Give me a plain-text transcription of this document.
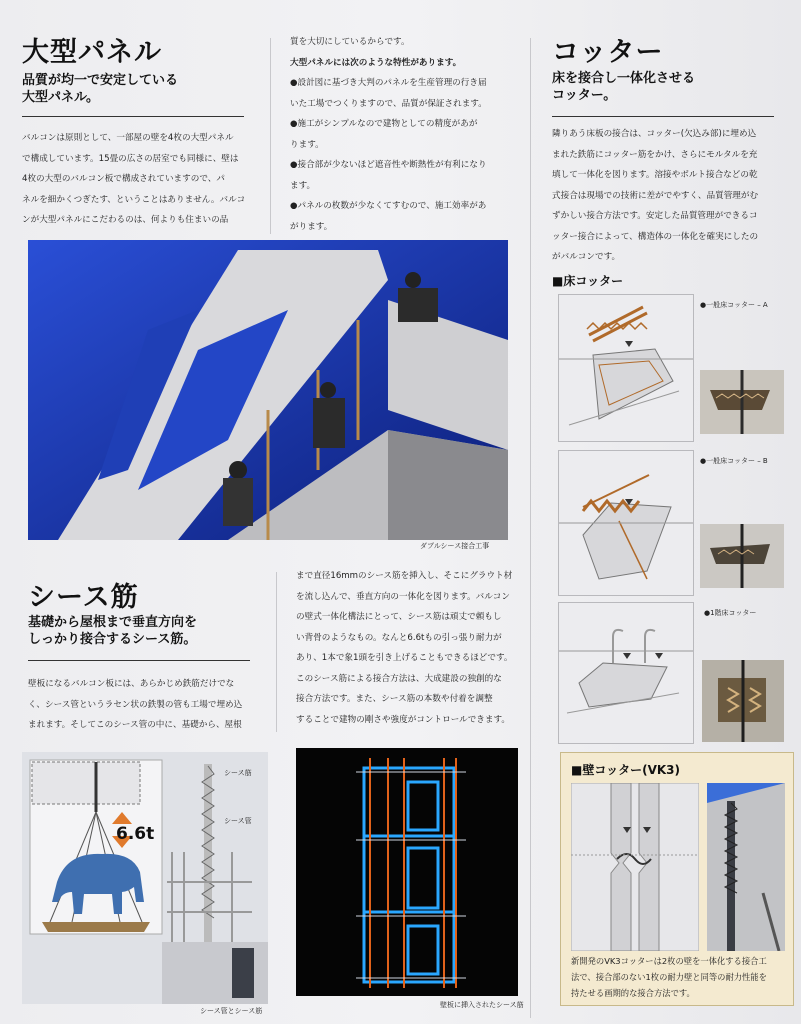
大型パネル
品質が均一で安定している
大型パネル。

バルコンは原則として、一部屋の壁を4枚の大型パネル

で構成しています。15畳の広さの居室でも同様に、壁は

4枚の大型のバルコン板で構成されていますので、パ

ネルを細かくつぎたす、ということはありません。バルコ

ンが大型パネルにこだわるのは、何よりも住まいの品

質を大切にしているからです。

大型パネルには次のような特性があります。

●設計図に基づき大判のパネルを生産管理の行き届

いた工場でつくりますので、品質が保証されます。

●施工がシンプルなので建物としての精度があが

ります。

●接合部が少ないほど遮音性や断熱性が有利になり

ます。

●パネルの枚数が少なくてすむので、施工効率があ

がります。

ダブルシース接合工事
シース筋
基礎から屋根まで垂直方向を
しっかり接合するシース筋。

壁板になるバルコン板には、あらかじめ鉄筋だけでな

く、シース管というラセン状の鉄製の管も工場で埋め込

まれます。そしてこのシース管の中に、基礎から、屋根

まで直径16mmのシース筋を挿入し、そこにグラウト材

を流し込んで、垂直方向の一体化を図ります。バルコン

の壁式一体化構法にとって、シース筋は頑丈で頼もし

い背骨のようなもの。なんと6.6tもの引っ張り耐力が

あり、1本で象1頭を引き上げることもできるほどです。

このシース筋による接合方法は、大成建設の独創的な

接合方法です。また、シース筋の本数や付着を調整

することで建物の剛さや強度がコントロールできます。

6.6t
シース筋
シース管
シース管とシース筋
壁板に挿入されたシース筋
コッター
床を接合し一体化させる
コッター。

隣りあう床板の接合は、コッター(欠込み部)に埋め込

まれた鉄筋にコッター筋をかけ、さらにモルタルを充

填して一体化を図ります。溶接やボルト接合などの乾

式接合は現場での技術に差がでやすく、品質管理がむ

ずかしい接合方法です。安定した品質管理ができるコ

ッター接合によって、構造体の一体化を確実にしたの

がバルコンです。

■床コッター
●一般床コッター – A
●一般床コッター – B
●1階床コッター
■壁コッター(VK3)

新開発のVK3コッターは2枚の壁を一体化する接合工

法で、接合部のない1枚の耐力壁と同等の耐力性能を

持たせる画期的な接合方法です。
